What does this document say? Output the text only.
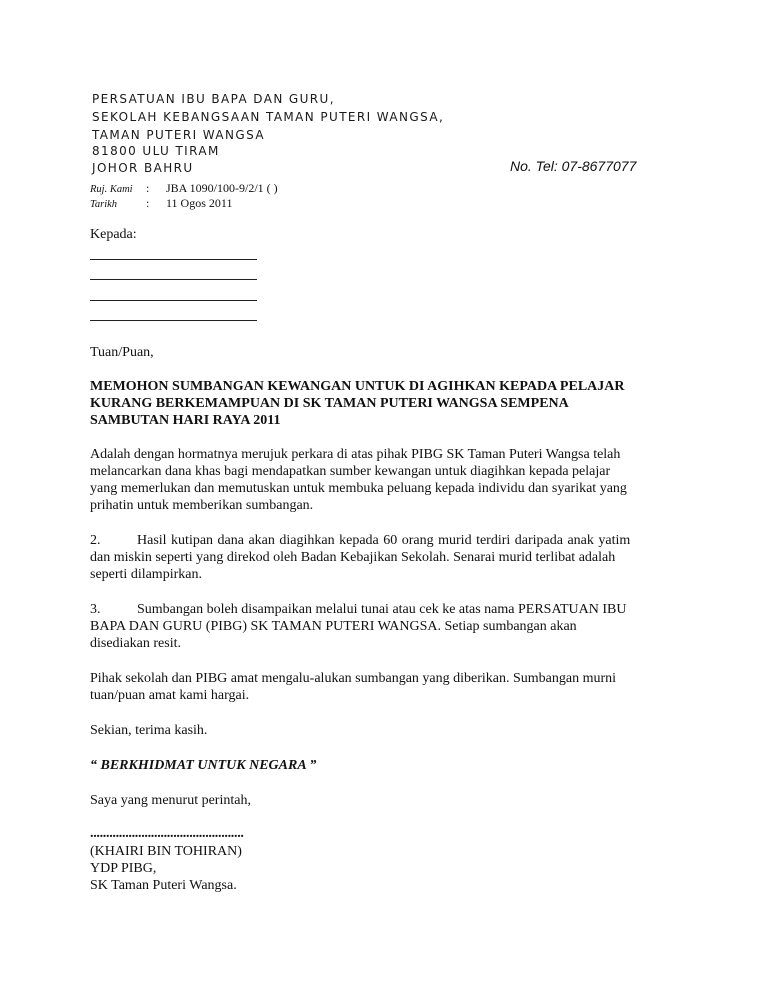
PERSATUAN IBU BAPA DAN GURU,
SEKOLAH KEBANGSAAN TAMAN PUTERI WANGSA,
TAMAN PUTERI WANGSA
81800 ULU TIRAM
JOHOR BAHRU	No. Tel: 07-8677077
Ruj. Kami : JBA 1090/100-9/2/1 ( )
Tarikh : 11 Ogos 2011
Kepada:
Tuan/Puan,
MEMOHON SUMBANGAN KEWANGAN UNTUK DI AGIHKAN KEPADA PELAJAR
KURANG BERKEMAMPUAN DI SK TAMAN PUTERI WANGSA SEMPENA
SAMBUTAN HARI RAYA 2011
Adalah dengan hormatnya merujuk perkara di atas pihak PIBG SK Taman Puteri Wangsa telah
melancarkan dana khas bagi mendapatkan sumber kewangan untuk diagihkan kepada pelajar
yang memerlukan dan memutuskan untuk membuka peluang kepada individu dan syarikat yang
prihatin untuk memberikan sumbangan.
2.	Hasil kutipan dana akan diagihkan kepada 60 orang murid terdiri daripada anak yatim
dan miskin seperti yang direkod oleh Badan Kebajikan Sekolah. Senarai murid terlibat adalah
seperti dilampirkan.
3.	Sumbangan boleh disampaikan melalui tunai atau cek ke atas nama PERSATUAN IBU
BAPA DAN GURU (PIBG) SK TAMAN PUTERI WANGSA. Setiap sumbangan akan
disediakan resit.
Pihak sekolah dan PIBG amat mengalu-alukan sumbangan yang diberikan. Sumbangan murni
tuan/puan amat kami hargai.
Sekian, terima kasih.
“ BERKHIDMAT UNTUK NEGARA ”
Saya yang menurut perintah,
................................................
(KHAIRI BIN TOHIRAN)
YDP PIBG,
SK Taman Puteri Wangsa.
